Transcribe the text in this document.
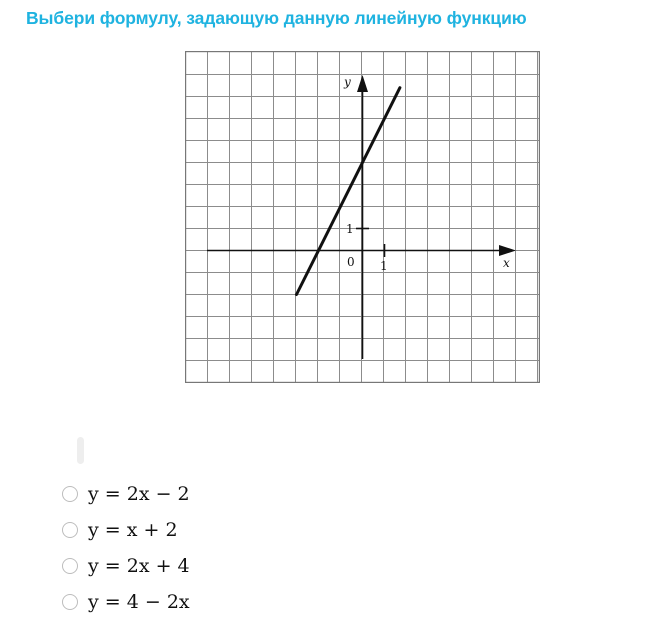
Выбери формулу, задающую данную линейную функцию
y
x
0 1
1
y = 2x − 2
y = x + 2
y = 2x + 4
y = 4 − 2x
